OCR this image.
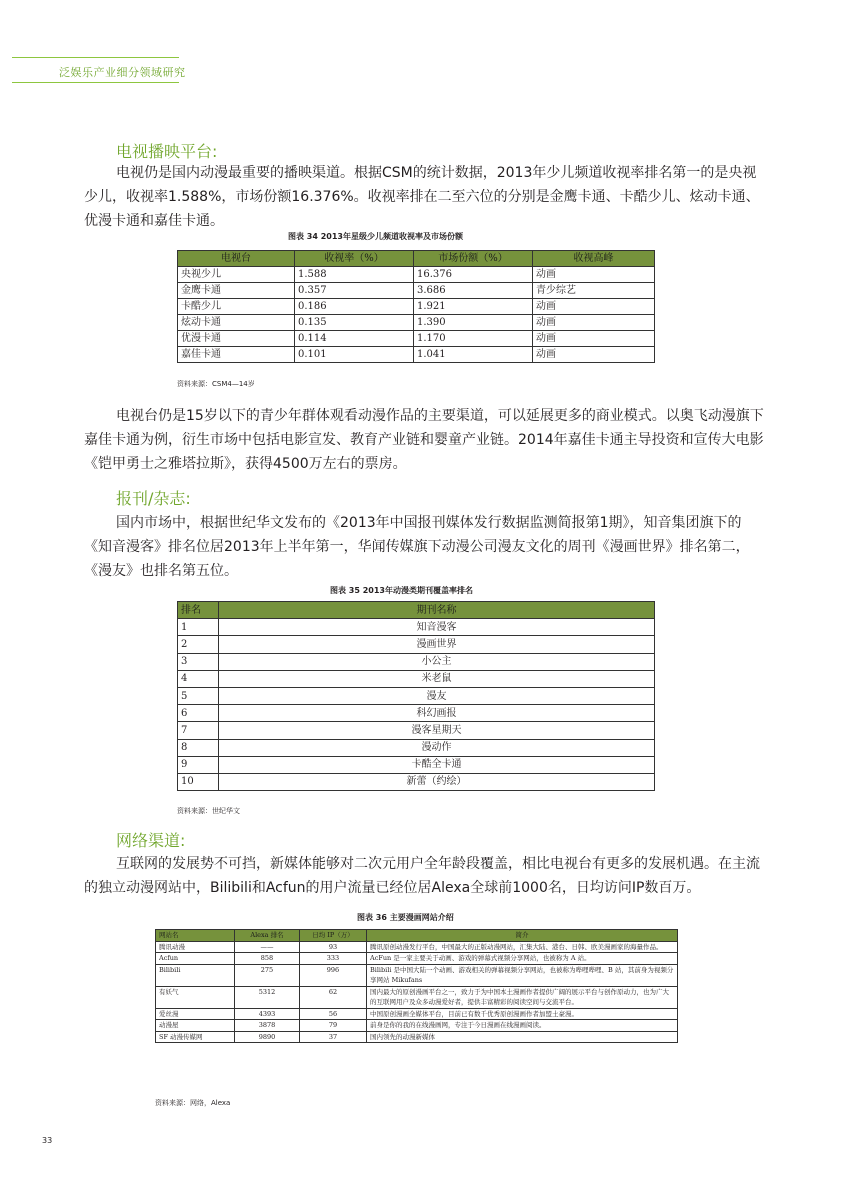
泛娱乐产业细分领域研究
电视播映平台:

电视仍是国内动漫最重要的播映渠道。根据CSM的统计数据，2013年少儿频道收视率排名第一的是央视少儿，收视率1.588%，市场份额16.376%。收视率排在二至六位的分别是金鹰卡通、卡酷少儿、炫动卡通、优漫卡通和嘉佳卡通。

图表 34 2013年星级少儿频道收视率及市场份额
电视台	收视率（%）	市场份额（%）	收视高峰
央视少儿	1.588	16.376	动画
金鹰卡通	0.357	3.686	青少综艺
卡酷少儿	0.186	1.921	动画
炫动卡通	0.135	1.390	动画
优漫卡通	0.114	1.170	动画
嘉佳卡通	0.101	1.041	动画
资料来源：CSM4—14岁

电视台仍是15岁以下的青少年群体观看动漫作品的主要渠道，可以延展更多的商业模式。以奥飞动漫旗下嘉佳卡通为例，衍生市场中包括电影宣发、教育产业链和婴童产业链。2014年嘉佳卡通主导投资和宣传大电影《铠甲勇士之雅塔拉斯》，获得4500万左右的票房。

报刊/杂志:

国内市场中，根据世纪华文发布的《2013年中国报刊媒体发行数据监测简报第1期》，知音集团旗下的《知音漫客》排名位居2013年上半年第一，华闻传媒旗下动漫公司漫友文化的周刊《漫画世界》排名第二，《漫友》也排名第五位。

图表 35 2013年动漫类期刊覆盖率排名
排名	期刊名称
1	知音漫客
2	漫画世界
3	小公主
4	米老鼠
5	漫友
6	科幻画报
7	漫客星期天
8	漫动作
9	卡酷全卡通
10	新蕾（约绘）
资料来源：世纪华文
网络渠道:

互联网的发展势不可挡，新媒体能够对二次元用户全年龄段覆盖，相比电视台有更多的发展机遇。在主流的独立动漫网站中，Bilibili和Acfun的用户流量已经位居Alexa全球前1000名，日均访问IP数百万。

图表 36 主要漫画网站介绍
网站名	Alexa 排名	日均 IP（万）	简介
腾讯动漫	——	93	腾讯原创动漫发行平台，中国最大的正版动漫网站，汇集大陆、港台、日韩、欧美漫画家的海量作品。
Acfun	858	333	AcFun 是一家主要关于动画、游戏的弹幕式视频分享网站，也被称为 A 站。
Bilibili	275	996	Bilibili 是中国大陆一个动画、游戏相关的弹幕视频分享网站，也被称为哔哩哔哩、B 站，其前身为视频分享网站 Mikufans
有妖气	5312	62	国内最大的原创漫画平台之一，致力于为中国本土漫画作者提供广阔的展示平台与创作原动力，也为广大的互联网用户及众多动漫爱好者，提供丰富精彩的阅读空间与交流平台。
爱丝漫	4393	56	中国原创漫画全媒体平台，目前已有数千优秀原创漫画作者加盟土豪漫。
动漫屋	3878	79	前身是你的我的在线漫画网，专注于今日漫画在线漫画阅读。
SF 动漫传媒网	9890	37	国内领先的动漫新媒体
资料来源：网络，Alexa
33
